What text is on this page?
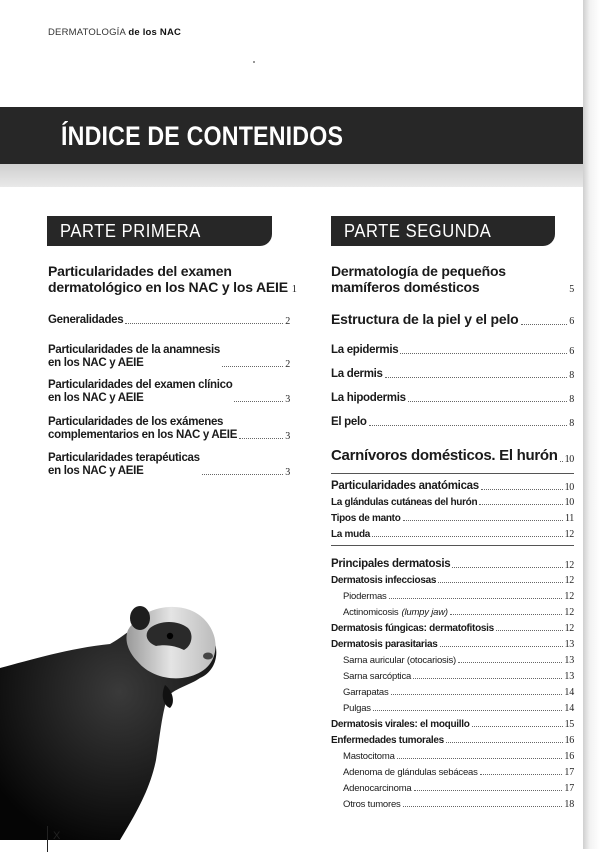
DERMATOLOGÍA de los NAC
ÍNDICE DE CONTENIDOS
PARTE PRIMERA	PARTE SEGUNDA
Particularidades del examen
dermatológico en los NAC y los AEIE 1
Generalidades	2
Particularidades de la anamnesis
en los NAC y AEIE	2
Particularidades del examen clínico
en los NAC y AEIE	3
Particularidades de los exámenes
complementarios en los NAC y AEIE	3
Particularidades terapéuticas
en los NAC y AEIE	3
Dermatología de pequeños
mamíferos domésticos	5
Estructura de la piel y el pelo	6
La epidermis	6
La dermis	8
La hipodermis	8
El pelo	8
Carnívoros domésticos. El hurón 10
Particularidades anatómicas	10
La glándulas cutáneas del hurón	10
Tipos de manto	11
La muda	12
Principales dermatosis	12
Dermatosis infecciosas	12
Piodermas	12
Actinomicosis (lumpy jaw)	12
Dermatosis fúngicas: dermatofitosis	12
Dermatosis parasitarias	13
Sarna auricular (otocariosis)	13
Sarna sarcóptica	13
Garrapatas	14
Pulgas	14
Dermatosis virales: el moquillo	15
Enfermedades tumorales	16
Mastocitoma	16
Adenoma de glándulas sebáceas	17
Adenocarcinoma	17
Otros tumores	18
X
